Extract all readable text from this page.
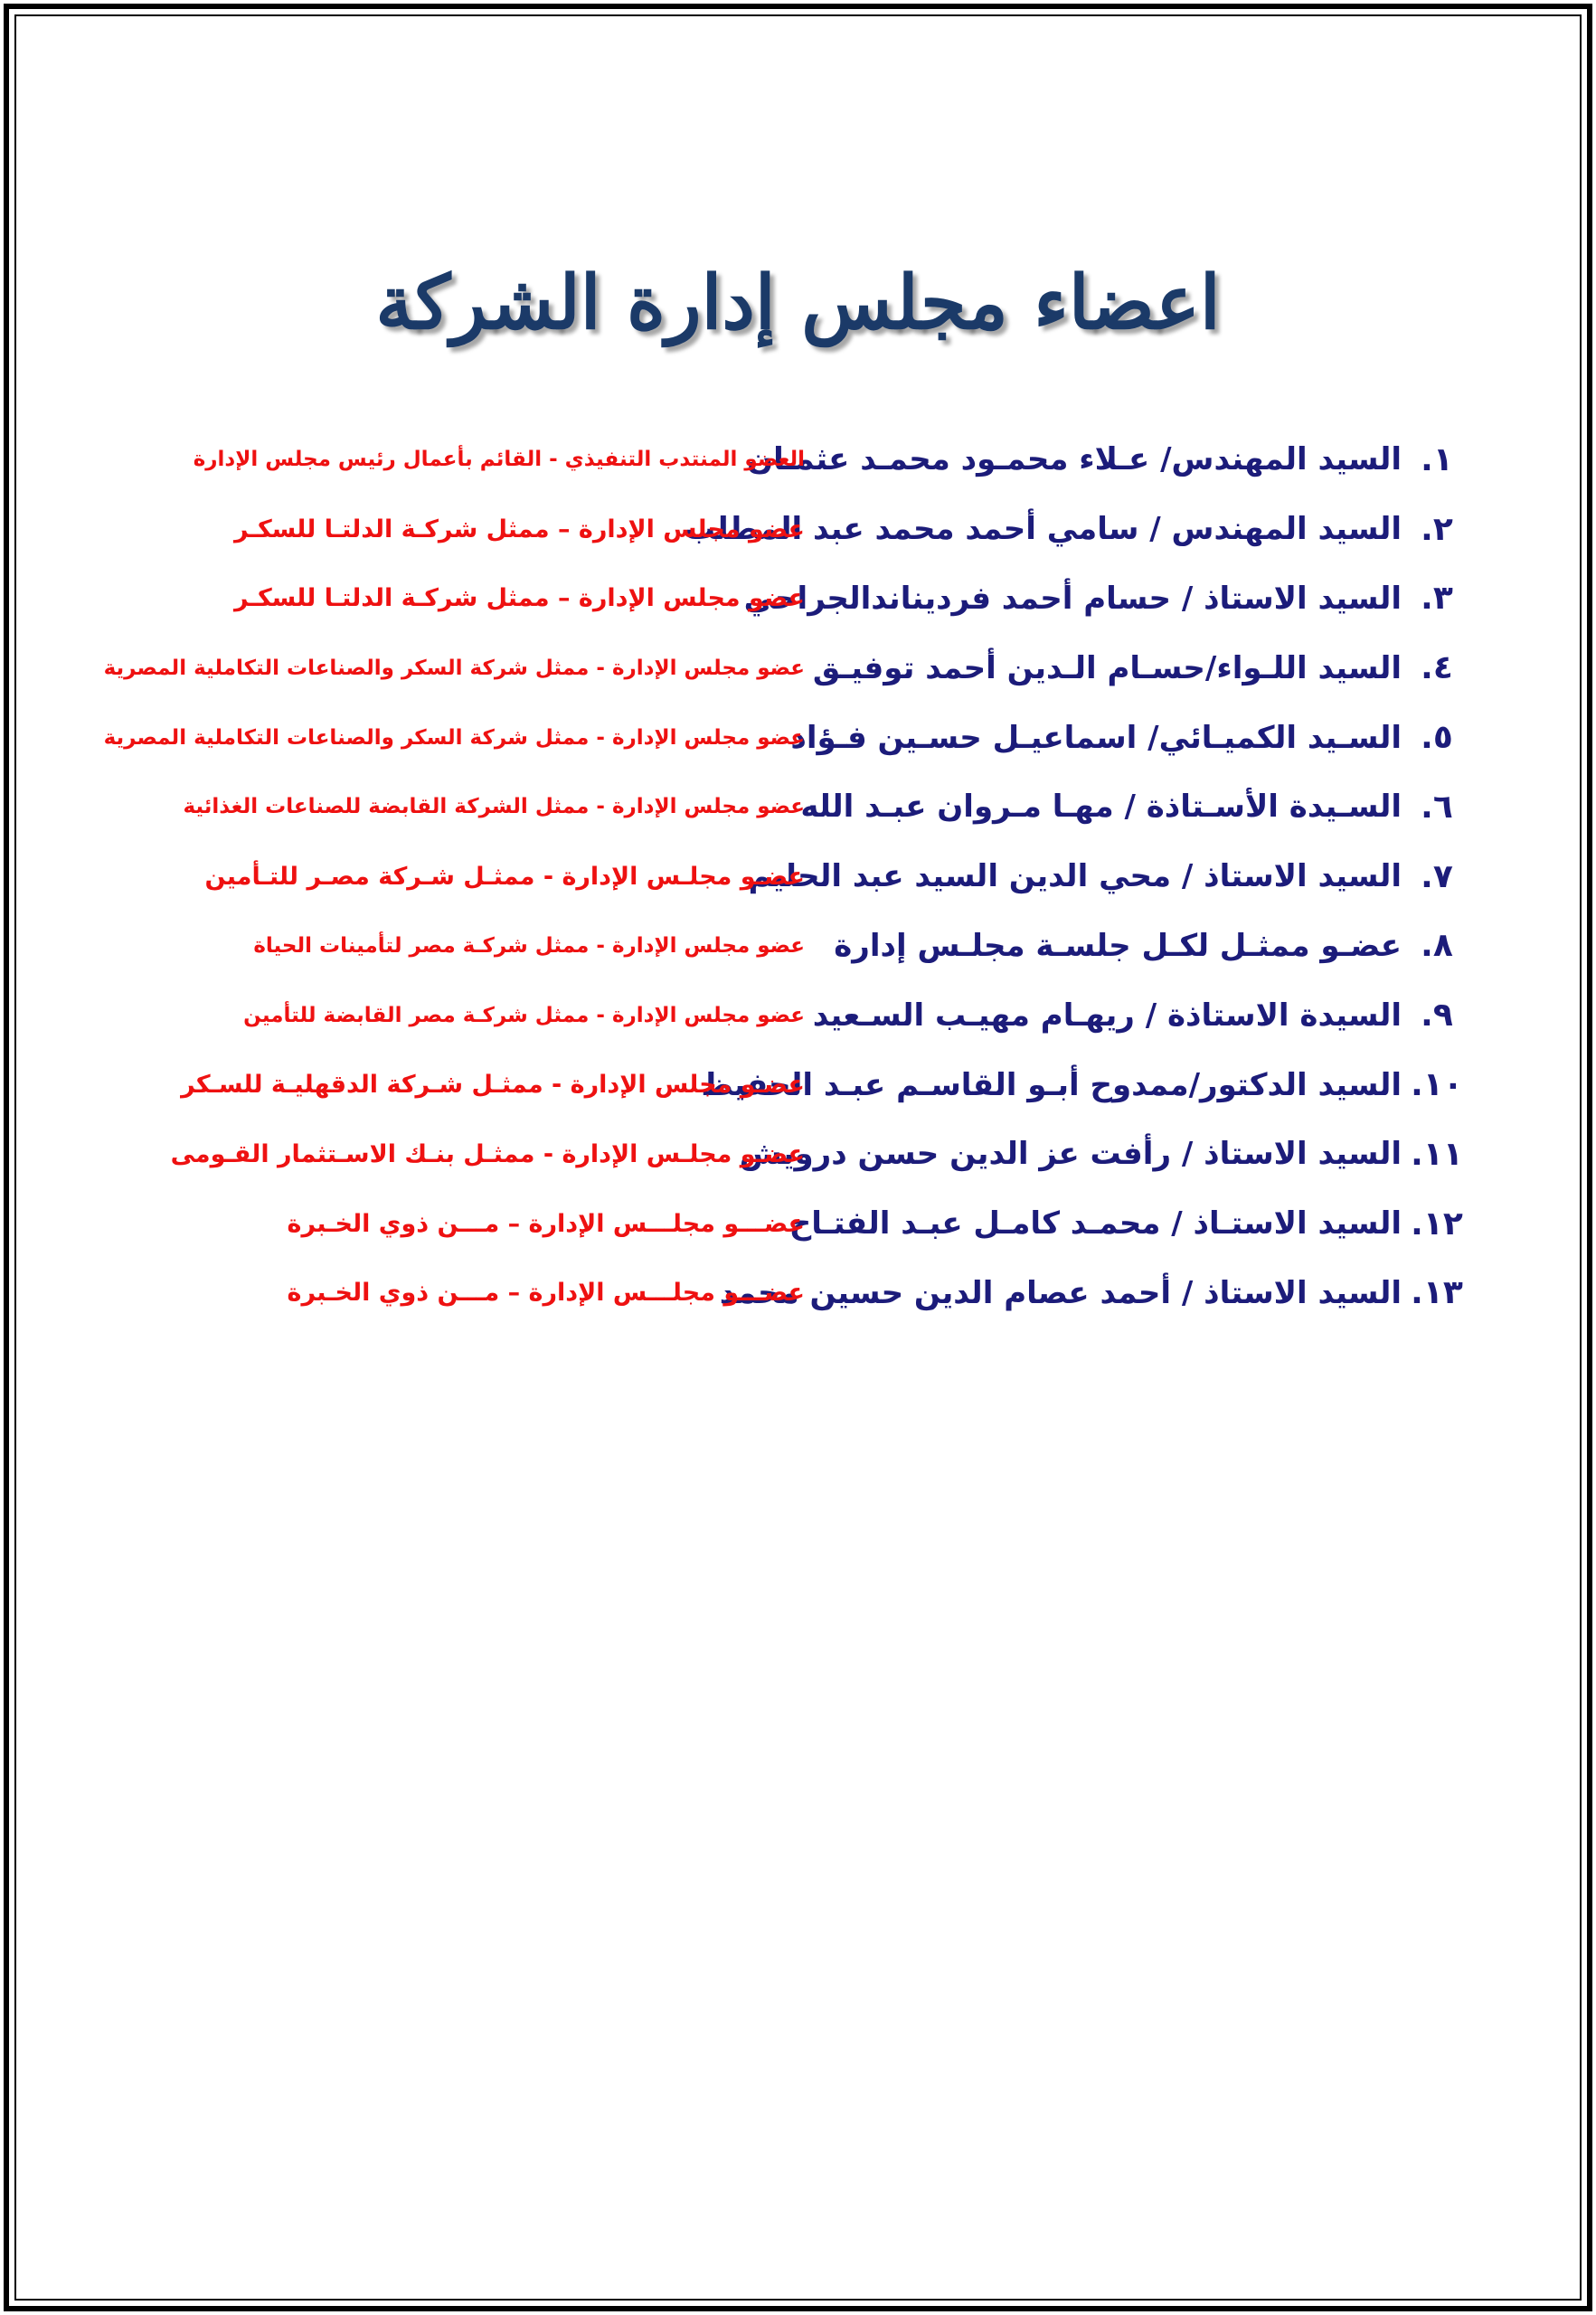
اعضاء مجلس إدارة الشركة
١.
السيد المهندس/ عـلاء محمـود محمـد عثمـان
العضو المنتدب التنفيذي - القائم بأعمال رئيس مجلس الإدارة
٢.
السيد المهندس / سامي أحمد محمد عبد المطلب
عضو مجلس الإدارة – ممثل شركـة الدلتـا للسكـر
٣.
السيد الاستاذ / حسام أحمد فرديناندالجراحي
عضو مجلس الإدارة – ممثل شركـة الدلتـا للسكـر
٤.
السيد اللـواء/حسـام الـدين أحمد توفيـق
عضو مجلس الإدارة - ممثل شركة السكر والصناعات التكاملية المصرية
٥.
السـيد الكميـائي/ اسماعيـل حسـين فـؤاد
عضو مجلس الإدارة - ممثل شركة السكر والصناعات التكاملية المصرية
٦.
السـيدة الأسـتاذة / مهـا مـروان عبـد الله
عضو مجلس الإدارة - ممثل الشركة القابضة للصناعات الغذائية
٧.
السيد الاستاذ / محي الدين السيد عبد الحليم
عضـو مجلـس الإدارة - ممثـل شـركة مصـر للتـأمين
٨.
عضـو ممثـل لكـل جلسـة مجلـس إدارة
عضو مجلس الإدارة - ممثل شركـة مصر لتأمينات الحياة
٩.
السيدة الاستاذة / ريهـام مهيـب السـعيد
عضو مجلس الإدارة - ممثل شركـة مصر القابضة للتأمين
١٠.
السيد الدكتور/ممدوح أبـو القاسـم عبـد الحفيظ
عضـو مجلس الإدارة - ممثـل شـركة الدقهليـة للسـكر
١١.
السيد الاستاذ / رأفت عز الدين حسن درويش
عضـو مجلـس الإدارة - ممثـل بنـك الاسـتثمار القـومى
١٢.
السيد الاستـاذ / محمـد كامـل عبـد الفتـاح
عضـــو مجلـــس الإدارة – مـــن ذوي الخـبرة
١٣.
السيد الاستاذ / أحمد عصام الدين حسين محمد
عضـــو مجلـــس الإدارة – مـــن ذوي الخـبرة
